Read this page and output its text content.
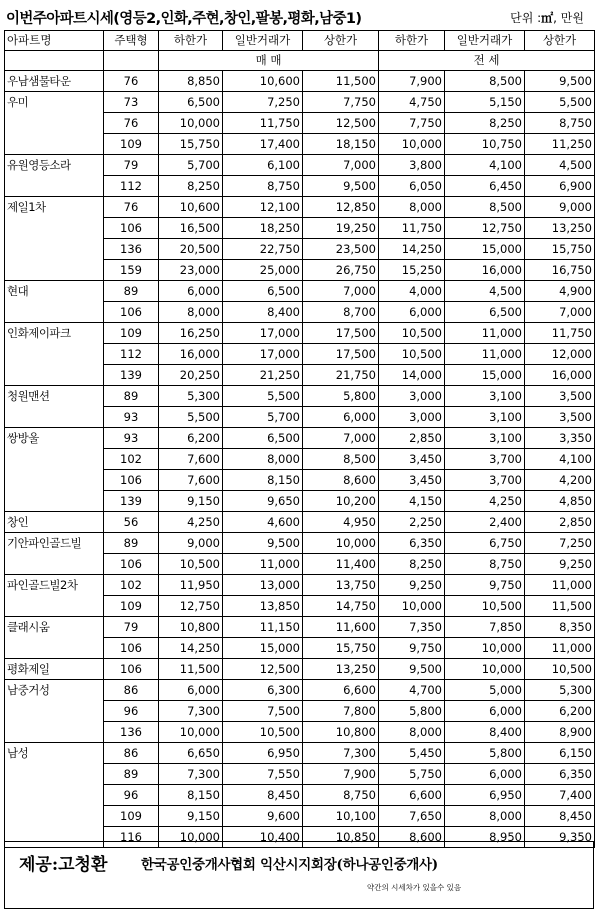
이번주아파트시세(영등2,인화,주현,창인,팔봉,평화,남중1)	단위 :㎡, 만원
아파트명	주택형	하한가	일반거래가	상한가	하한가	일반거래가	상한가
		매 매			전 세		
우남샘물타운	76	8,850	10,600	11,500	7,900	8,500	9,500
우미	73	6,500	7,250	7,750	4,750	5,150	5,500
	76	10,000	11,750	12,500	7,750	8,250	8,750
	109	15,750	17,400	18,150	10,000	10,750	11,250
유원영등소라	79	5,700	6,100	7,000	3,800	4,100	4,500
	112	8,250	8,750	9,500	6,050	6,450	6,900
제일1차	76	10,600	12,100	12,850	8,000	8,500	9,000
	106	16,500	18,250	19,250	11,750	12,750	13,250
	136	20,500	22,750	23,500	14,250	15,000	15,750
	159	23,000	25,000	26,750	15,250	16,000	16,750
현대	89	6,000	6,500	7,000	4,000	4,500	4,900
	106	8,000	8,400	8,700	6,000	6,500	7,000
인화제이파크	109	16,250	17,000	17,500	10,500	11,000	11,750
	112	16,000	17,000	17,500	10,500	11,000	12,000
	139	20,250	21,250	21,750	14,000	15,000	16,000
청원맨션	89	5,300	5,500	5,800	3,000	3,100	3,500
	93	5,500	5,700	6,000	3,000	3,100	3,500
쌍방울	93	6,200	6,500	7,000	2,850	3,100	3,350
	102	7,600	8,000	8,500	3,450	3,700	4,100
	106	7,600	8,150	8,600	3,450	3,700	4,200
	139	9,150	9,650	10,200	4,150	4,250	4,850
창인	56	4,250	4,600	4,950	2,250	2,400	2,850
기안파인골드빌	89	9,000	9,500	10,000	6,350	6,750	7,250
	106	10,500	11,000	11,400	8,250	8,750	9,250
파인골드빌2차	102	11,950	13,000	13,750	9,250	9,750	11,000
	109	12,750	13,850	14,750	10,000	10,500	11,500
클래시움	79	10,800	11,150	11,600	7,350	7,850	8,350
	106	14,250	15,000	15,750	9,750	10,000	11,000
평화제일	106	11,500	12,500	13,250	9,500	10,000	10,500
남중거성	86	6,000	6,300	6,600	4,700	5,000	5,300
	96	7,300	7,500	7,800	5,800	6,000	6,200
	136	10,000	10,500	10,800	8,000	8,400	8,900
남성	86	6,650	6,950	7,300	5,450	5,800	6,150
	89	7,300	7,550	7,900	5,750	6,000	6,350
	96	8,150	8,450	8,750	6,600	6,950	7,400
	109	9,150	9,600	10,100	7,650	8,000	8,450
	116	10,000	10,400	10,850	8,600	8,950	9,350
제공:고청환 한국공인중개사협회 익산시지회장(하나공인중개사)
약간의 시세차가 있을수 있음
